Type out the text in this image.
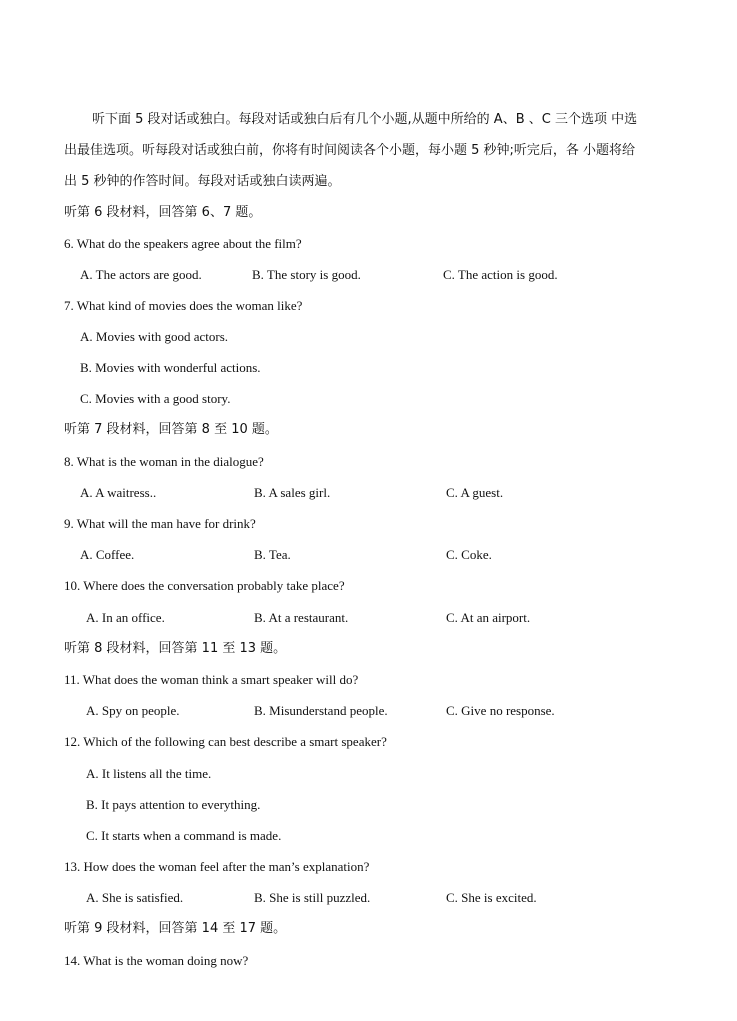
听下面 5 段对话或独白。每段对话或独白后有几个小题,从题中所给的 A、B 、C 三个选项 中选
出最佳选项。听每段对话或独白前，你将有时间阅读各个小题，每小题 5 秒钟;听完后，各 小题将给
出 5 秒钟的作答时间。每段对话或独白读两遍。
听第 6 段材料，回答第 6、7 题。
6. What do the speakers agree about the film?
A. The actors are good.	B. The story is good.	C. The action is good.
7. What kind of movies does the woman like?
A. Movies with good actors.
B. Movies with wonderful actions.
C. Movies with a good story.
听第 7 段材料，回答第 8 至 10 题。
8. What is the woman in the dialogue?
A. A waitress..	B. A sales girl.	C. A guest.
9. What will the man have for drink?
A. Coffee.	B. Tea.	C. Coke.
10. Where does the conversation probably take place?
A. In an office.	B. At a restaurant.	C. At an airport.
听第 8 段材料，回答第 11 至 13 题。
11. What does the woman think a smart speaker will do?
A. Spy on people.	B. Misunderstand people.	C. Give no response.
12. Which of the following can best describe a smart speaker?
A. It listens all the time.
B. It pays attention to everything.
C. It starts when a command is made.
13. How does the woman feel after the man’s explanation?
A. She is satisfied.	B. She is still puzzled.	C. She is excited.
听第 9 段材料，回答第 14 至 17 题。
14. What is the woman doing now?
